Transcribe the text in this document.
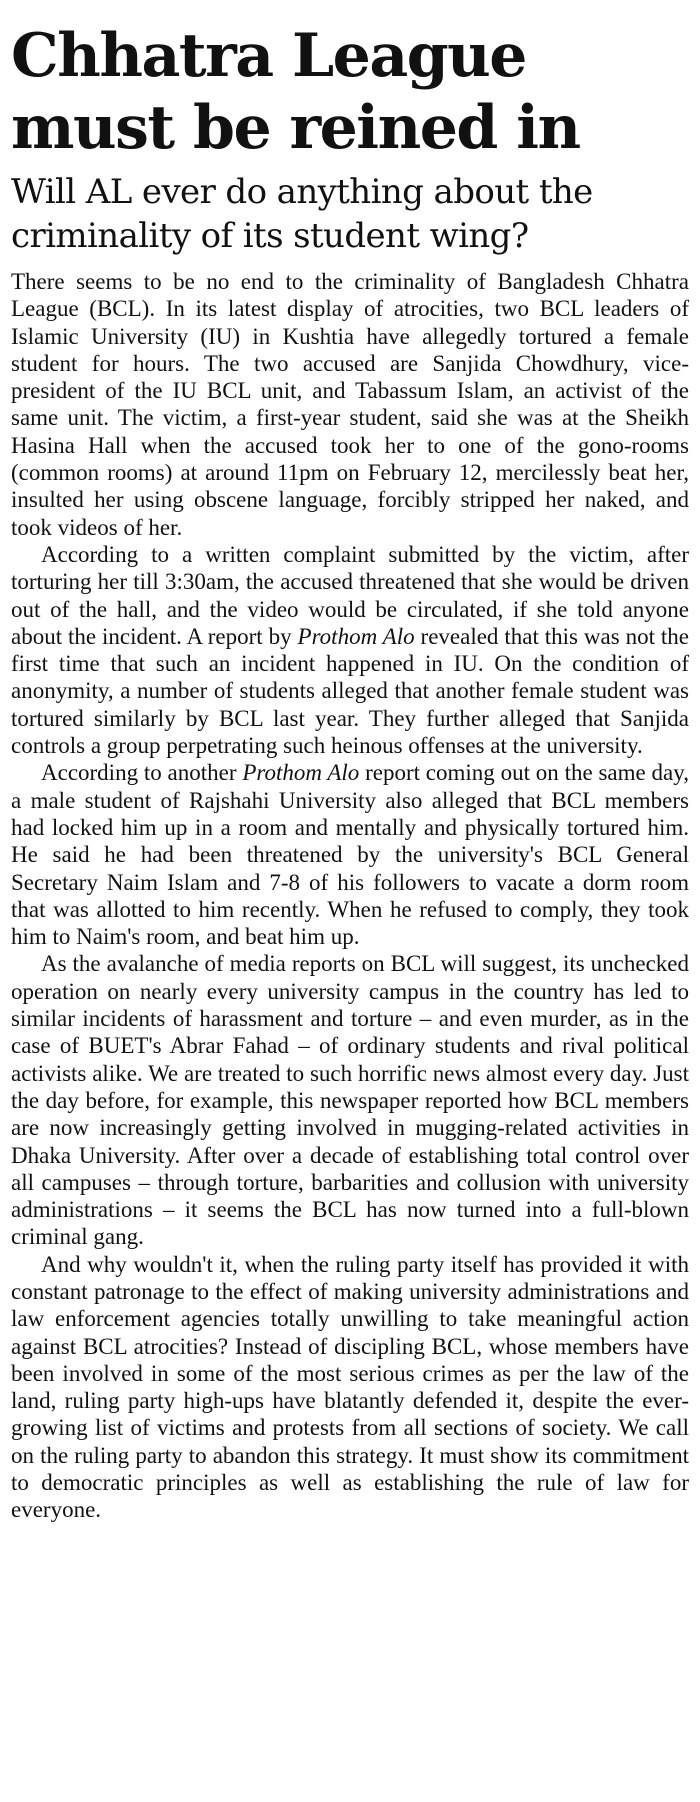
Chhatra League must be reined in
Will AL ever do anything about the criminality of its student wing?

There seems to be no end to the criminality of Bangladesh Chhatra League (BCL). In its latest display of atrocities, two BCL leaders of Islamic University (IU) in Kushtia have allegedly tortured a female student for hours. The two accused are Sanjida Chowdhury, vice-president of the IU BCL unit, and Tabassum Islam, an activist of the same unit. The victim, a first-year student, said she was at the Sheikh Hasina Hall when the accused took her to one of the gono-rooms (common rooms) at around 11pm on February 12, mercilessly beat her, insulted her using obscene language, forcibly stripped her naked, and took videos of her.

According to a written complaint submitted by the victim, after torturing her till 3:30am, the accused threatened that she would be driven out of the hall, and the video would be circulated, if she told anyone about the incident. A report by Prothom Alo revealed that this was not the first time that such an incident happened in IU. On the condition of anonymity, a number of students alleged that another female student was tortured similarly by BCL last year. They further alleged that Sanjida controls a group perpetrating such heinous offenses at the university.

According to another Prothom Alo report coming out on the same day, a male student of Rajshahi University also alleged that BCL members had locked him up in a room and mentally and physically tortured him. He said he had been threatened by the university's BCL General Secretary Naim Islam and 7-8 of his followers to vacate a dorm room that was allotted to him recently. When he refused to comply, they took him to Naim's room, and beat him up.

As the avalanche of media reports on BCL will suggest, its unchecked operation on nearly every university campus in the country has led to similar incidents of harassment and torture – and even murder, as in the case of BUET's Abrar Fahad – of ordinary students and rival political activists alike. We are treated to such horrific news almost every day. Just the day before, for example, this newspaper reported how BCL members are now increasingly getting involved in mugging-related activities in Dhaka University. After over a decade of establishing total control over all campuses – through torture, barbarities and collusion with university administrations – it seems the BCL has now turned into a full-blown criminal gang.

And why wouldn't it, when the ruling party itself has provided it with constant patronage to the effect of making university administrations and law enforcement agencies totally unwilling to take meaningful action against BCL atrocities? Instead of discipling BCL, whose members have been involved in some of the most serious crimes as per the law of the land, ruling party high-ups have blatantly defended it, despite the ever-growing list of victims and protests from all sections of society. We call on the ruling party to abandon this strategy. It must show its commitment to democratic principles as well as establishing the rule of law for everyone.
